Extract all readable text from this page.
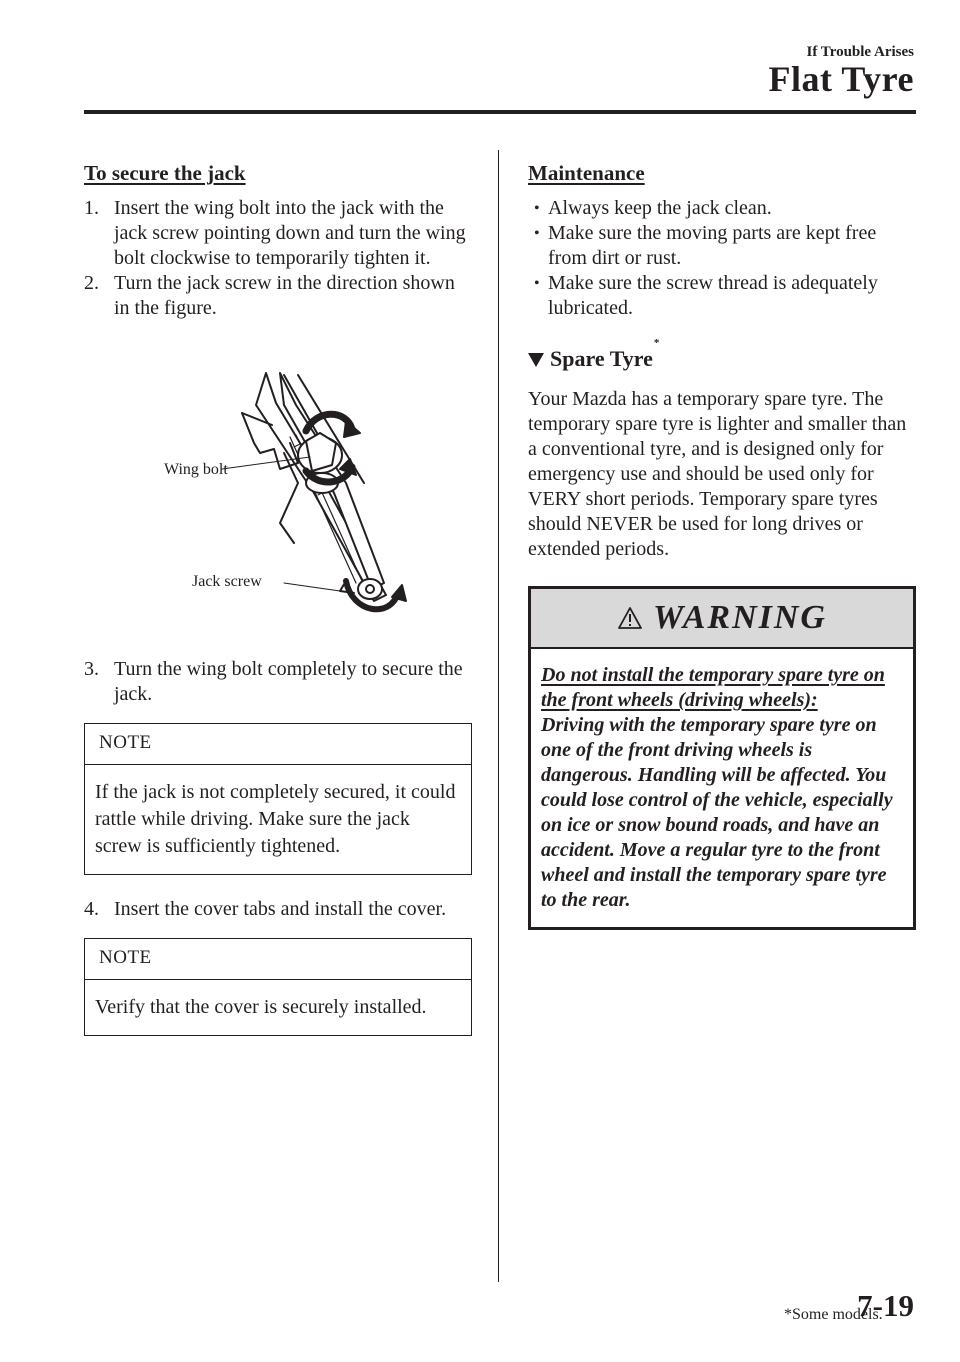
If Trouble Arises
Flat Tyre
To secure the jack

1. Insert the wing bolt into the jack with the jack screw pointing down and turn the wing bolt clockwise to temporarily tighten it.

2. Turn the jack screw in the direction shown in the figure.

Wing bolt
Jack screw

3. Turn the wing bolt completely to secure the jack.

NOTE
If the jack is not completely secured, it could rattle while driving. Make sure the jack screw is sufficiently tightened.

4. Insert the cover tabs and install the cover.

NOTE
Verify that the cover is securely installed.
Maintenance
• Always keep the jack clean.
• Make sure the moving parts are kept free from dirt or rust.
• Make sure the screw thread is adequately lubricated.
Spare Tyre
*

Your Mazda has a temporary spare tyre. The temporary spare tyre is lighter and smaller than a conventional tyre, and is designed only for emergency use and should be used only for VERY short periods. Temporary spare tyres should NEVER be used for long drives or extended periods.

WARNING
Do not install the temporary spare tyre on the front wheels (driving wheels):
Driving with the temporary spare tyre on one of the front driving wheels is dangerous. Handling will be affected. You could lose control of the vehicle, especially on ice or snow bound roads, and have an accident. Move a regular tyre to the front wheel and install the temporary spare tyre to the rear.
*Some models.
7-19
